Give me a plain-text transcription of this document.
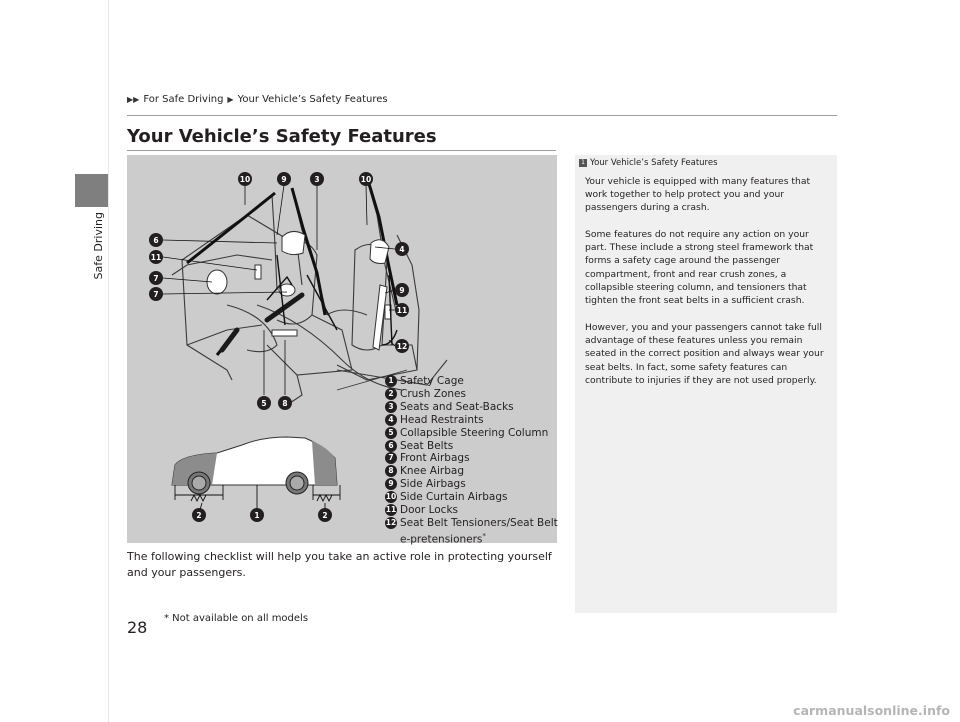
Safe Driving
▶▶ For Safe Driving ▶ Your Vehicle’s Safety Features
Your Vehicle’s Safety Features
10	9	3	10
6
4
11
7
9
7
11
12
5 8
2	1	2
1 Safety Cage
2 Crush Zones
3 Seats and Seat-Backs
4 Head Restraints
5 Collapsible Steering Column
6 Seat Belts
7 Front Airbags
8 Knee Airbag
9 Side Airbags
10 Side Curtain Airbags
11 Door Locks
12 Seat Belt Tensioners/Seat Belt
e-pretensioners*

The following checklist will help you take an active role in protecting yourself and your passengers.

1 Your Vehicle’s Safety Features

Your vehicle is equipped with many features that work together to help protect you and your passengers during a crash.

Some features do not require any action on your part. These include a strong steel framework that forms a safety cage around the passenger compartment, front and rear crush zones, a collapsible steering column, and tensioners that tighten the front seat belts in a sufficient crash.

However, you and your passengers cannot take full advantage of these features unless you remain seated in the correct position and always wear your seat belts. In fact, some safety features can contribute to injuries if they are not used properly.

28 * Not available on all models
carmanualsonline.info
